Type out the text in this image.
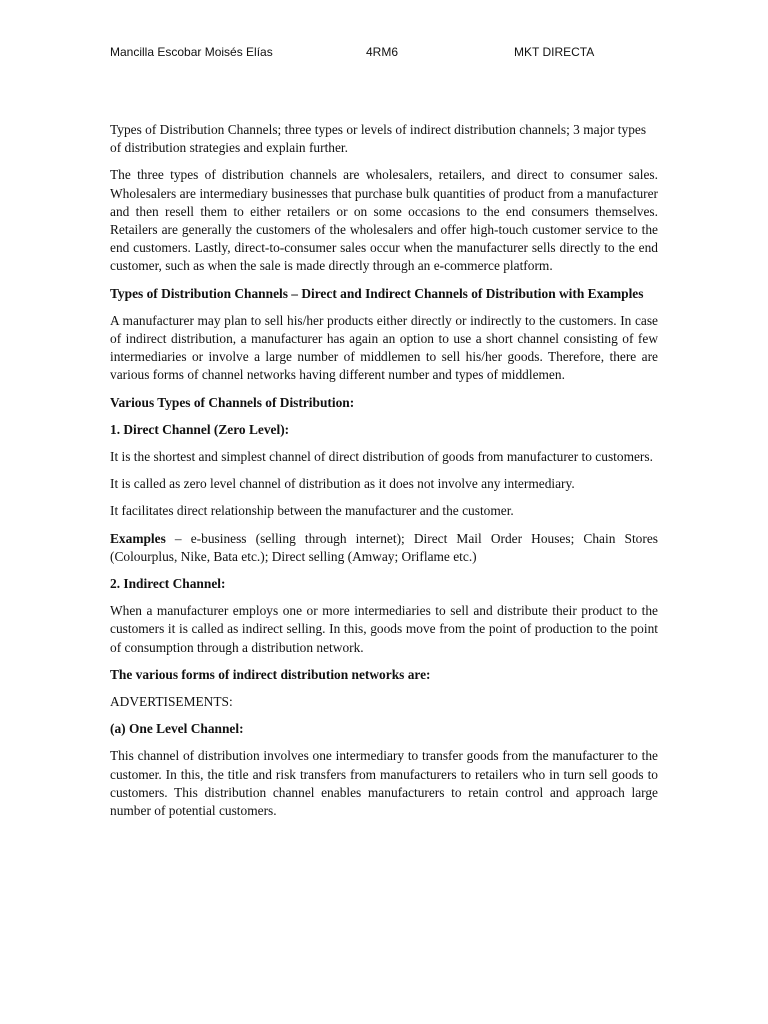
Mancilla Escobar Moisés Elías	4RM6	MKT DIRECTA

Types of Distribution Channels; three types or levels of indirect distribution channels; 3 major types of distribution strategies and explain further.

The three types of distribution channels are wholesalers, retailers, and direct to consumer sales. Wholesalers are intermediary businesses that purchase bulk quantities of product from a manufacturer and then resell them to either retailers or on some occasions to the end consumers themselves. Retailers are generally the customers of the wholesalers and offer high-touch customer service to the end customers. Lastly, direct-to-consumer sales occur when the manufacturer sells directly to the end customer, such as when the sale is made directly through an e-commerce platform.

Types of Distribution Channels – Direct and Indirect Channels of Distribution with Examples

A manufacturer may plan to sell his/her products either directly or indirectly to the customers. In case of indirect distribution, a manufacturer has again an option to use a short channel consisting of few intermediaries or involve a large number of middlemen to sell his/her goods. Therefore, there are various forms of channel networks having different number and types of middlemen.

Various Types of Channels of Distribution:

1. Direct Channel (Zero Level):

It is the shortest and simplest channel of direct distribution of goods from manufacturer to customers.

It is called as zero level channel of distribution as it does not involve any intermediary.

It facilitates direct relationship between the manufacturer and the customer.

Examples – e-business (selling through internet); Direct Mail Order Houses; Chain Stores (Colourplus, Nike, Bata etc.); Direct selling (Amway; Oriflame etc.)

2. Indirect Channel:

When a manufacturer employs one or more intermediaries to sell and distribute their product to the customers it is called as indirect selling. In this, goods move from the point of production to the point of consumption through a distribution network.

The various forms of indirect distribution networks are:

ADVERTISEMENTS:

(a) One Level Channel:

This channel of distribution involves one intermediary to transfer goods from the manufacturer to the customer. In this, the title and risk transfers from manufacturers to retailers who in turn sell goods to customers. This distribution channel enables manufacturers to retain control and approach large number of potential customers.
